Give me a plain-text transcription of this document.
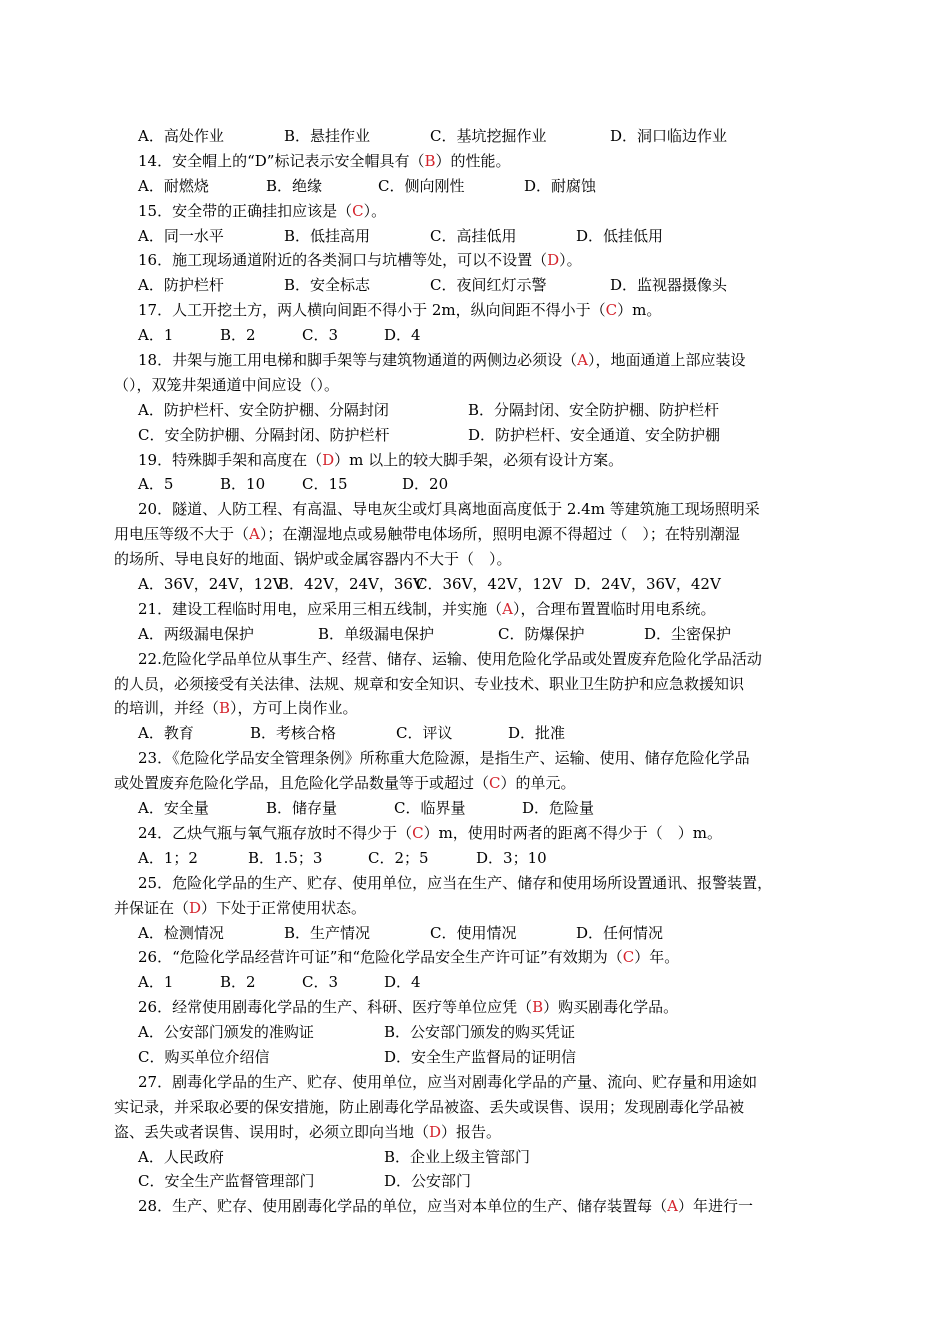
A．高处作业	B．悬挂作业	C．基坑挖掘作业	D．洞口临边作业
14．安全帽上的“D”标记表示安全帽具有（B）的性能。
A．耐燃烧	B．绝缘	C．侧向刚性	D．耐腐蚀
15．安全带的正确挂扣应该是（C）。
A．同一水平	B．低挂高用	C．高挂低用	D．低挂低用
16．施工现场通道附近的各类洞口与坑槽等处，可以不设置（D）。
A．防护栏杆	B．安全标志	C．夜间红灯示警	D．监视器摄像头
17．人工开挖土方，两人横向间距不得小于 2m，纵向间距不得小于（C）m。
A．1	B．2	C．3	D．4
18．井架与施工用电梯和脚手架等与建筑物通道的两侧边必须设（A），地面通道上部应装设
（），双笼井架通道中间应设（）。
A．防护栏杆、安全防护棚、分隔封闭	B．分隔封闭、安全防护棚、防护栏杆
C．安全防护棚、分隔封闭、防护栏杆	D．防护栏杆、安全通道、安全防护棚
19．特殊脚手架和高度在（D）m 以上的较大脚手架，必须有设计方案。
A．5	B．10	C．15	D．20
20．隧道、人防工程、有高温、导电灰尘或灯具离地面高度低于 2.4m 等建筑施工现场照明采
用电压等级不大于（A）；在潮湿地点或易触带电体场所，照明电源不得超过（　）；在特别潮湿
的场所、导电良好的地面、锅炉或金属容器内不大于（　）。
A．36V，24V，12V
B．42V，24V，36V
C．36V，42V，12V D．24V，36V，42V
21．建设工程临时用电，应采用三相五线制，并实施（A），合理布置置临时用电系统。
A．两级漏电保护	B．单级漏电保护	C．防爆保护	D．尘密保护
22.危险化学品单位从事生产、经营、储存、运输、使用危险化学品或处置废弃危险化学品活动
的人员，必须接受有关法律、法规、规章和安全知识、专业技术、职业卫生防护和应急救援知识
的培训，并经（B），方可上岗作业。
A．教育	B．考核合格	C．评议	D．批准
23．《危险化学品安全管理条例》所称重大危险源，是指生产、运输、使用、储存危险化学品
或处置废弃危险化学品，且危险化学品数量等于或超过（C）的单元。
A．安全量	B．储存量	C．临界量	D．危险量
24．乙炔气瓶与氧气瓶存放时不得少于（C）m，使用时两者的距离不得少于（　）m。
A．1；2	B．1.5；3	C．2；5	D．3；10
25．危险化学品的生产、贮存、使用单位，应当在生产、储存和使用场所设置通讯、报警装置，
并保证在（D）下处于正常使用状态。
A．检测情况	B．生产情况	C．使用情况	D．任何情况
26．“危险化学品经营许可证”和“危险化学品安全生产许可证”有效期为（C）年。
A．1	B．2	C．3	D．4
26．经常使用剧毒化学品的生产、科研、医疗等单位应凭（B）购买剧毒化学品。
A．公安部门颁发的准购证	B．公安部门颁发的购买凭证
C．购买单位介绍信	D．安全生产监督局的证明信
27．剧毒化学品的生产、贮存、使用单位，应当对剧毒化学品的产量、流向、贮存量和用途如
实记录，并采取必要的保安措施，防止剧毒化学品被盗、丢失或误售、误用；发现剧毒化学品被
盗、丢失或者误售、误用时，必须立即向当地（D）报告。
A．人民政府	B．企业上级主管部门
C．安全生产监督管理部门	D．公安部门
28．生产、贮存、使用剧毒化学品的单位，应当对本单位的生产、储存装置每（A）年进行一
